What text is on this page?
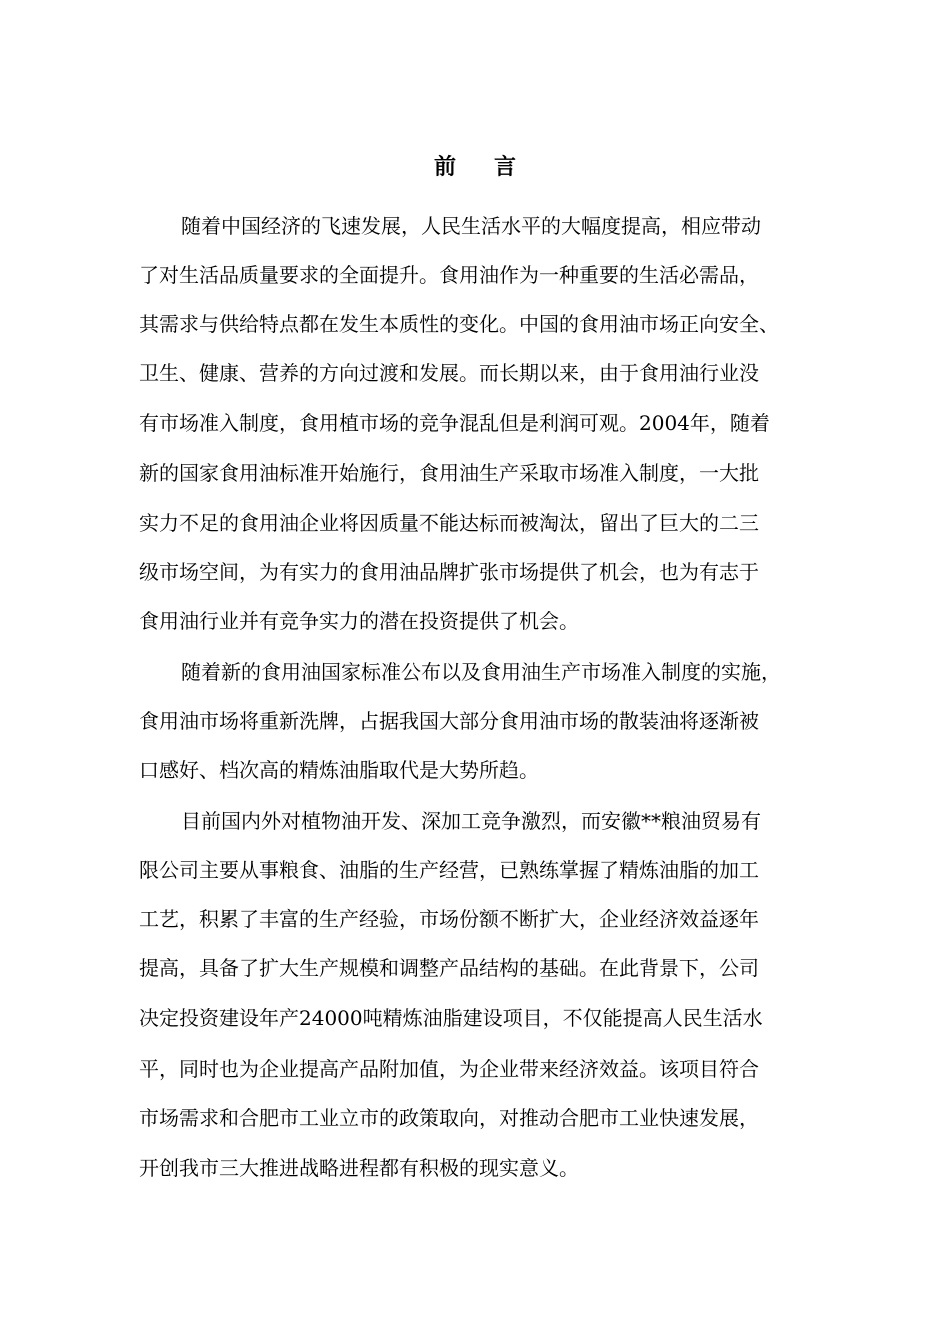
前言
随着中国经济的飞速发展，人民生活水平的大幅度提高，相应带动
了对生活品质量要求的全面提升。食用油作为一种重要的生活必需品，
其需求与供给特点都在发生本质性的变化。中国的食用油市场正向安全、
卫生、健康、营养的方向过渡和发展。而长期以来，由于食用油行业没
有市场准入制度，食用植市场的竞争混乱但是利润可观。2004年，随着
新的国家食用油标准开始施行，食用油生产采取市场准入制度，一大批
实力不足的食用油企业将因质量不能达标而被淘汰，留出了巨大的二三
级市场空间，为有实力的食用油品牌扩张市场提供了机会，也为有志于
食用油行业并有竞争实力的潜在投资提供了机会。
随着新的食用油国家标准公布以及食用油生产市场准入制度的实施，
食用油市场将重新洗牌，占据我国大部分食用油市场的散装油将逐渐被
口感好、档次高的精炼油脂取代是大势所趋。
目前国内外对植物油开发、深加工竞争激烈，而安徽**粮油贸易有
限公司主要从事粮食、油脂的生产经营，已熟练掌握了精炼油脂的加工
工艺，积累了丰富的生产经验，市场份额不断扩大，企业经济效益逐年
提高，具备了扩大生产规模和调整产品结构的基础。在此背景下，公司
决定投资建设年产24000吨精炼油脂建设项目，不仅能提高人民生活水
平，同时也为企业提高产品附加值，为企业带来经济效益。该项目符合
市场需求和合肥市工业立市的政策取向，对推动合肥市工业快速发展，
开创我市三大推进战略进程都有积极的现实意义。
